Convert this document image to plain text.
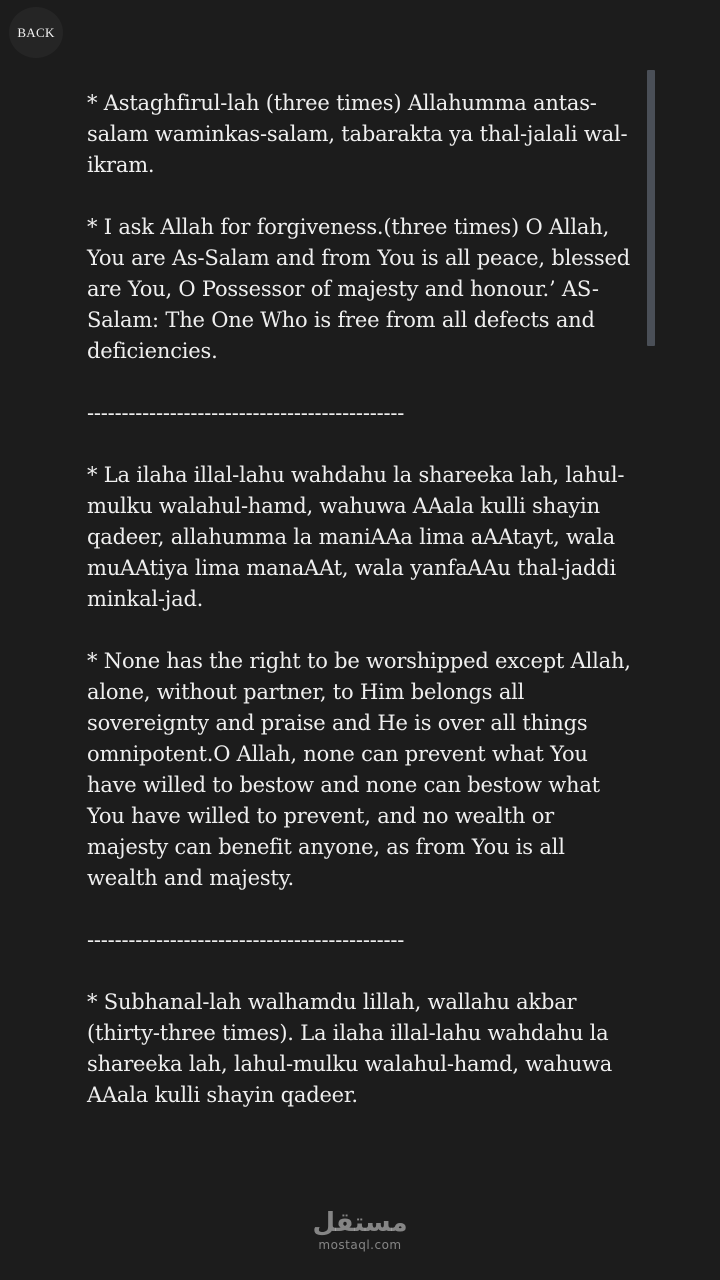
BACK

* Astaghfirul-lah (three times) Allahumma antas-salam waminkas-salam, tabarakta ya thal-jalali wal-ikram.

* I ask Allah for forgiveness.(three times) O Allah, You are As-Salam and from You is all peace, blessed are You, O Possessor of majesty and honour.’ AS-Salam: The One Who is free from all defects and deficiencies.

----------------------------------------------

* La ilaha illal-lahu wahdahu la shareeka lah, lahul-mulku walahul-hamd, wahuwa AAala kulli shayin qadeer, allahumma la maniAAa lima aAAtayt, wala muAAtiya lima manaAAt, wala yanfaAAu thal-jaddi minkal-jad.

* None has the right to be worshipped except Allah, alone, without partner, to Him belongs all sovereignty and praise and He is over all things omnipotent.O Allah, none can prevent what You have willed to bestow and none can bestow what You have willed to prevent, and no wealth or majesty can benefit anyone, as from You is all wealth and majesty.

----------------------------------------------

* Subhanal-lah walhamdu lillah, wallahu akbar (thirty-three times). La ilaha illal-lahu wahdahu la shareeka lah, lahul-mulku walahul-hamd, wahuwa AAala kulli shayin qadeer.

مستقل
mostaql.com
